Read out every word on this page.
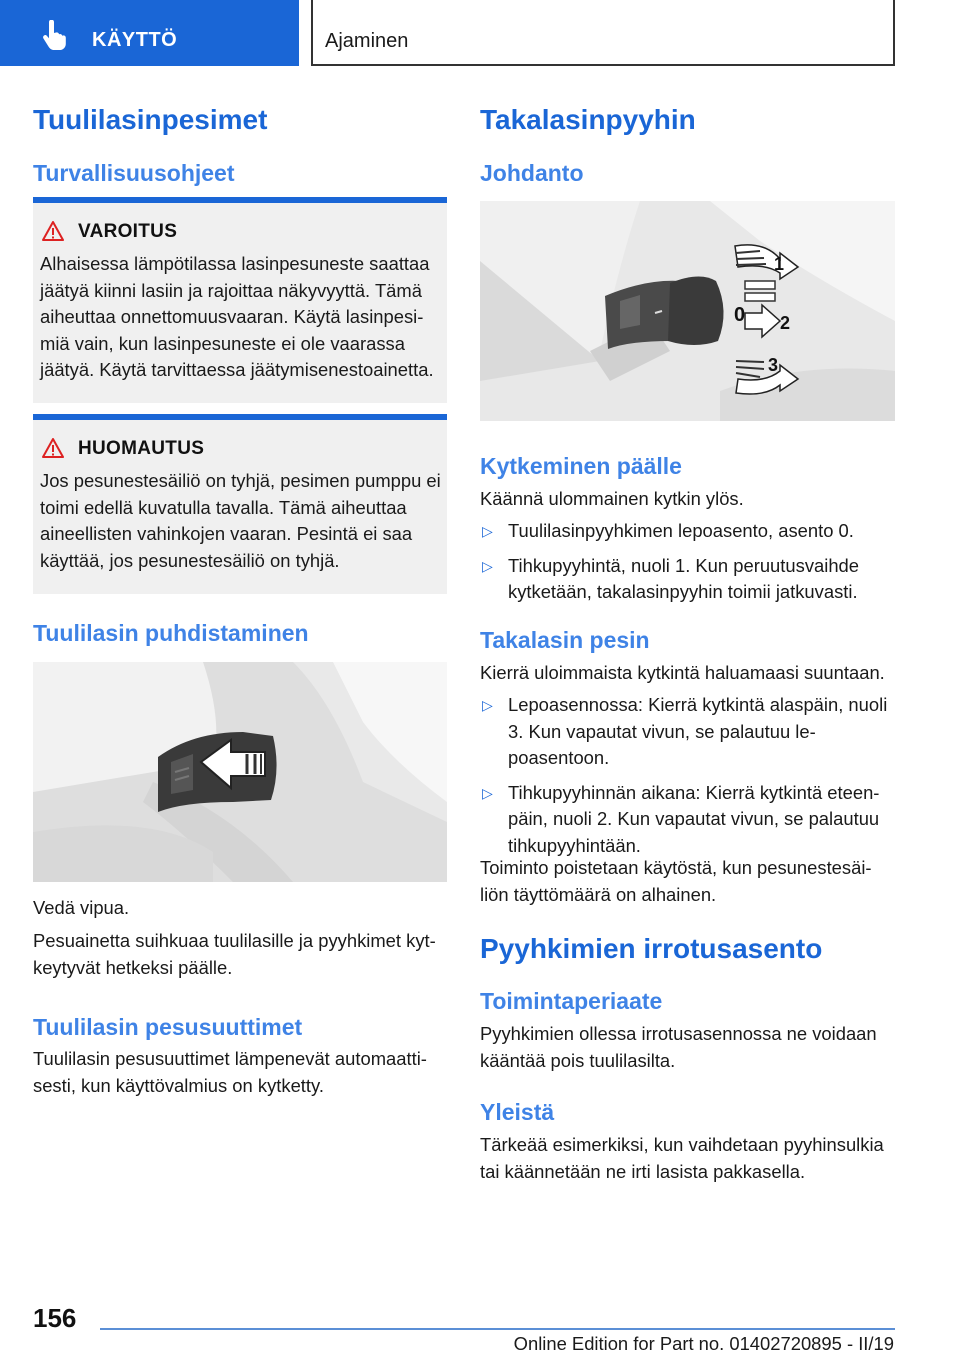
KÄYTTÖ	Ajaminen
Tuulilasinpesimet
Turvallisuusohjeet
VAROITUS
Alhaisessa lämpötilassa lasinpesuneste saattaa jäätyä kiinni lasiin ja rajoittaa näkyvyyttä. Tämä aiheuttaa onnettomuusvaaran. Käytä lasinpesi-miä vain, kun lasinpesuneste ei ole vaarassa jäätyä. Käytä tarvittaessa jäätymisenestoainetta.
HUOMAUTUS
Jos pesunestesäiliö on tyhjä, pesimen pumppu ei toimi edellä kuvatulla tavalla. Tämä aiheuttaa aineellisten vahinkojen vaaran. Pesintä ei saa käyttää, jos pesunestesäiliö on tyhjä.
Tuulilasin puhdistaminen
Vedä vipua.
Pesuainetta suihkuaa tuulilasille ja pyyhkimet kyt-keytyvät hetkeksi päälle.
Tuulilasin pesusuuttimet
Tuulilasin pesusuuttimet lämpenevät automaatti-sesti, kun käyttövalmius on kytketty.
Takalasinpyyhin
Johdanto
1
0 2
3
Kytkeminen päälle
Käännä ulommainen kytkin ylös.
▷ Tuulilasinpyyhkimen lepoasento, asento 0.
▷ Tihkupyyhintä, nuoli 1. Kun peruutusvaihde kytketään, takalasinpyyhin toimii jatkuvasti.
Takalasin pesin
Kierrä uloimmaista kytkintä haluamaasi suuntaan.
▷ Lepoasennossa: Kierrä kytkintä alaspäin, nuoli 3. Kun vapautat vivun, se palautuu le-poasentoon.
▷ Tihkupyyhinnän aikana: Kierrä kytkintä eteen-päin, nuoli 2. Kun vapautat vivun, se palautuu tihkupyyhintään.
Toiminto poistetaan käytöstä, kun pesunestesäi-liön täyttömäärä on alhainen.
Pyyhkimien irrotusasento
Toimintaperiaate
Pyyhkimien ollessa irrotusasennossa ne voidaan kääntää pois tuulilasilta.
Yleistä
Tärkeää esimerkiksi, kun vaihdetaan pyyhinsulkia tai käännetään ne irti lasista pakkasella.
156
Online Edition for Part no. 01402720895 - II/19
